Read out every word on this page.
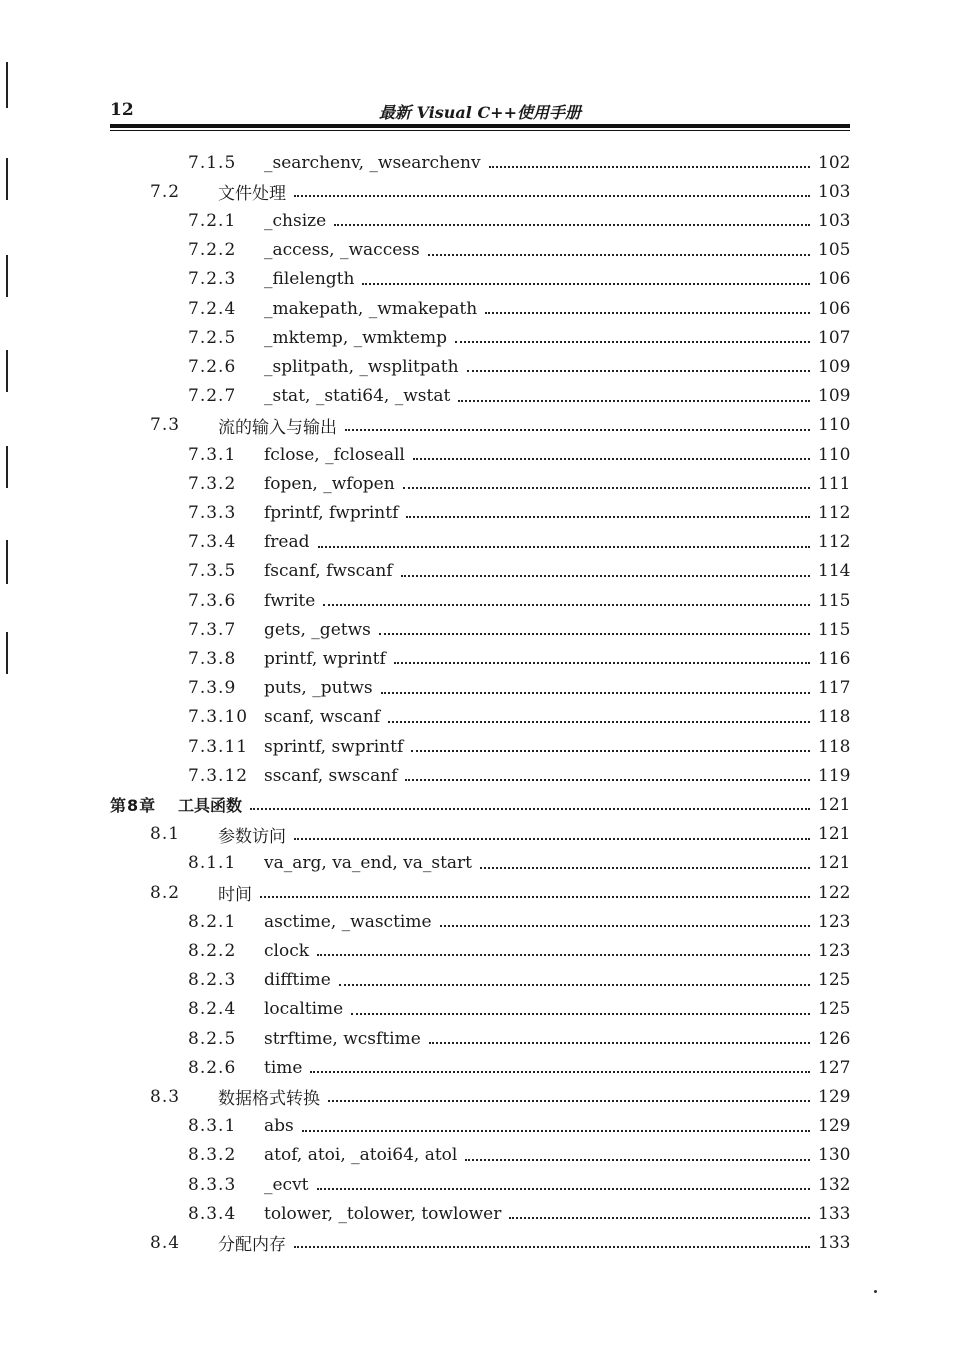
12	最新 Visual C++使用手册
7.1.5	_searchenv, _wsearchenv	102
7.2	文件处理	103
7.2.1	_chsize	103
7.2.2	_access, _waccess	105
7.2.3	_filelength	106
7.2.4	_makepath, _wmakepath	106
7.2.5	_mktemp, _wmktemp	107
7.2.6	_splitpath, _wsplitpath	109
7.2.7	_stat, _stati64, _wstat	109
7.3	流的输入与输出	110
7.3.1	fclose, _fcloseall	110
7.3.2	fopen, _wfopen	111
7.3.3	fprintf, fwprintf	112
7.3.4	fread	112
7.3.5	fscanf, fwscanf	114
7.3.6	fwrite	115
7.3.7	gets, _getws	115
7.3.8	printf, wprintf	116
7.3.9	puts, _putws	117
7.3.10 scanf, wscanf	118
7.3.11 sprintf, swprintf	118
7.3.12 sscanf, swscanf	119
第8章 工具函数	121
8.1	参数访问	121
8.1.1	va_arg, va_end, va_start	121
8.2	时间	122
8.2.1	asctime, _wasctime	123
8.2.2	clock	123
8.2.3	difftime	125
8.2.4	localtime	125
8.2.5	strftime, wcsftime	126
8.2.6	time	127
8.3	数据格式转换	129
8.3.1	abs	129
8.3.2	atof, atoi, _atoi64, atol	130
8.3.3	_ecvt	132
8.3.4	tolower, _tolower, towlower	133
8.4	分配内存	133
